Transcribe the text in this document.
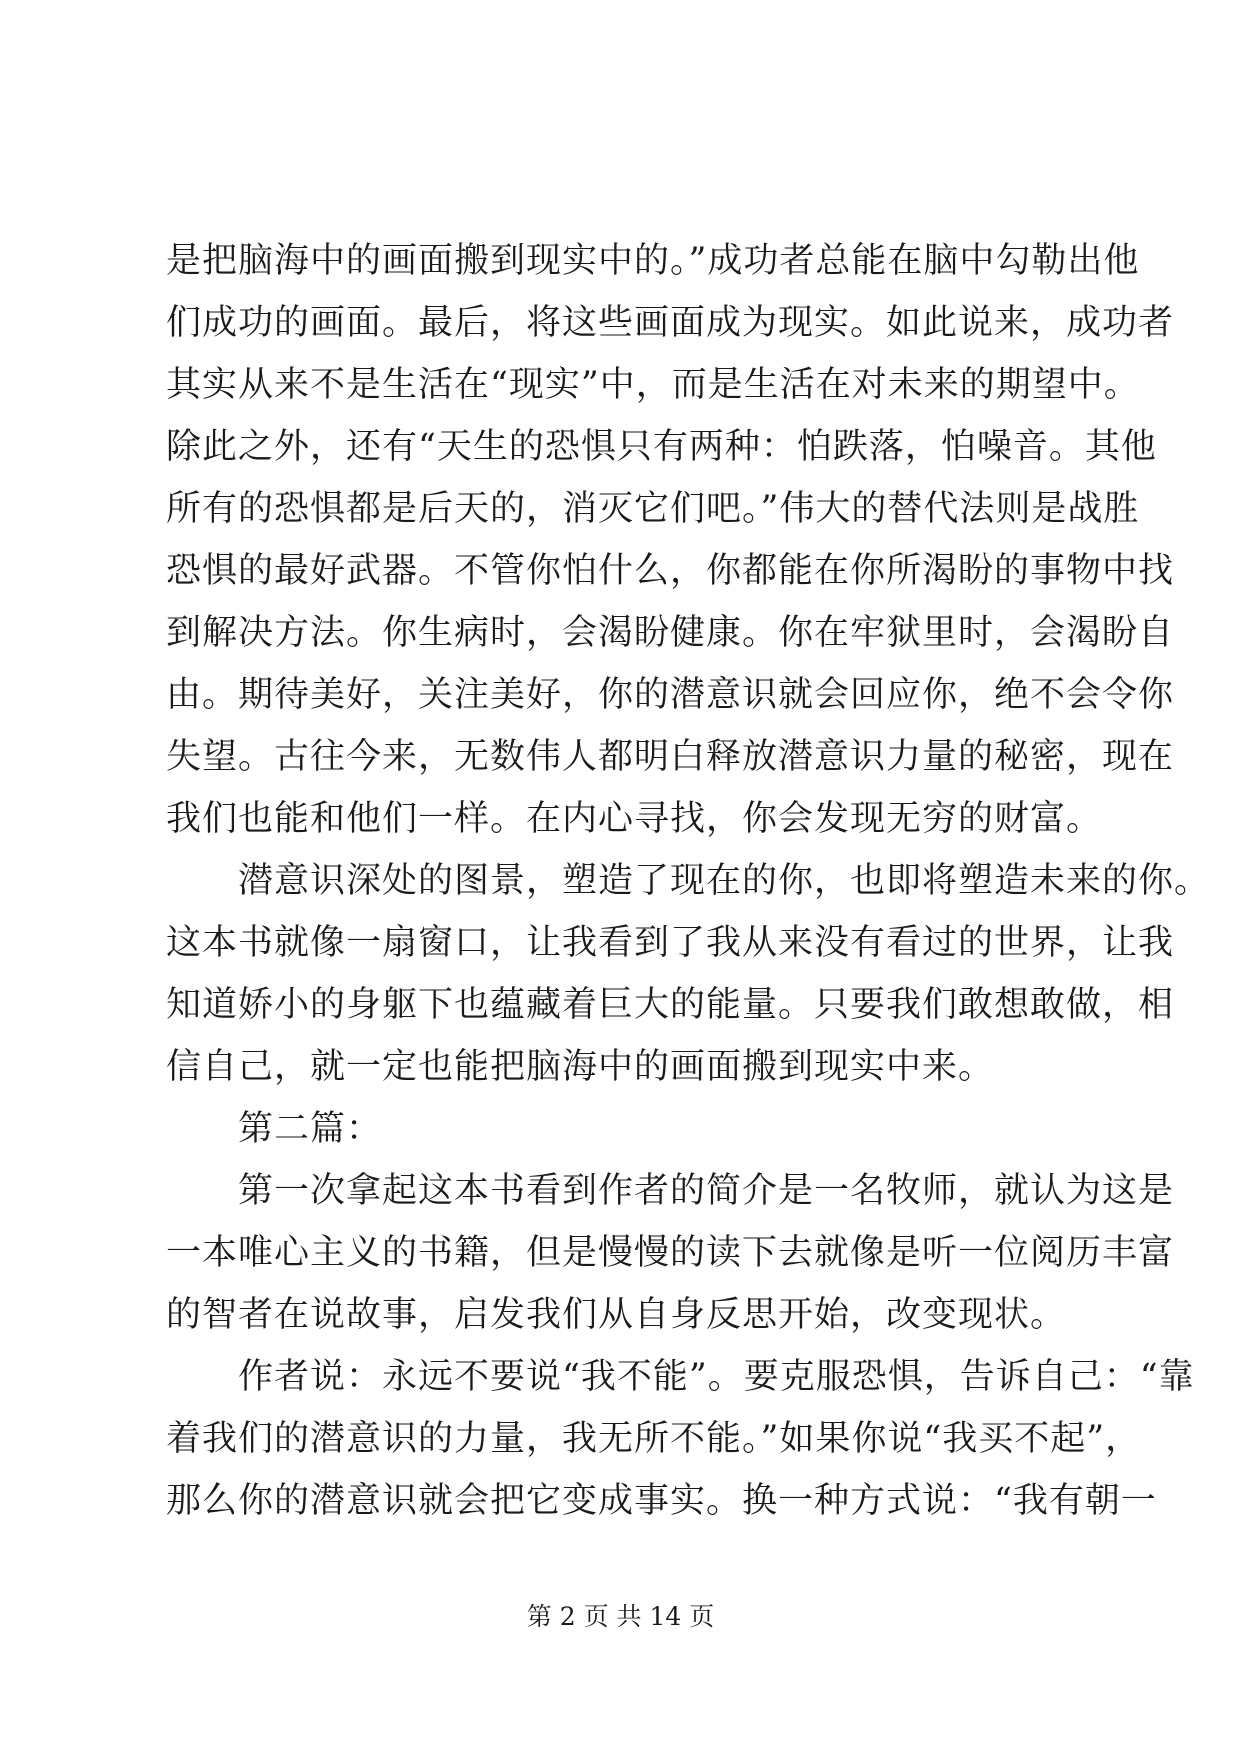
是把脑海中的画面搬到现实中的。”成功者总能在脑中勾勒出他
们成功的画面。最后，将这些画面成为现实。如此说来，成功者
其实从来不是生活在“现实”中，而是生活在对未来的期望中。
除此之外，还有“天生的恐惧只有两种：怕跌落，怕噪音。其他
所有的恐惧都是后天的，消灭它们吧。”伟大的替代法则是战胜
恐惧的最好武器。不管你怕什么，你都能在你所渴盼的事物中找
到解决方法。你生病时，会渴盼健康。你在牢狱里时，会渴盼自
由。期待美好，关注美好，你的潜意识就会回应你，绝不会令你
失望。古往今来，无数伟人都明白释放潜意识力量的秘密，现在
我们也能和他们一样。在内心寻找，你会发现无穷的财富。
潜意识深处的图景，塑造了现在的你，也即将塑造未来的你。
这本书就像一扇窗口，让我看到了我从来没有看过的世界，让我
知道娇小的身躯下也蕴藏着巨大的能量。只要我们敢想敢做，相
信自己，就一定也能把脑海中的画面搬到现实中来。
第二篇：
第一次拿起这本书看到作者的简介是一名牧师，就认为这是
一本唯心主义的书籍，但是慢慢的读下去就像是听一位阅历丰富
的智者在说故事，启发我们从自身反思开始，改变现状。
作者说：永远不要说“我不能”。要克服恐惧，告诉自己：“靠
着我们的潜意识的力量，我无所不能。”如果你说“我买不起”，
那么你的潜意识就会把它变成事实。换一种方式说：“我有朝一
第 2 页 共 14 页
